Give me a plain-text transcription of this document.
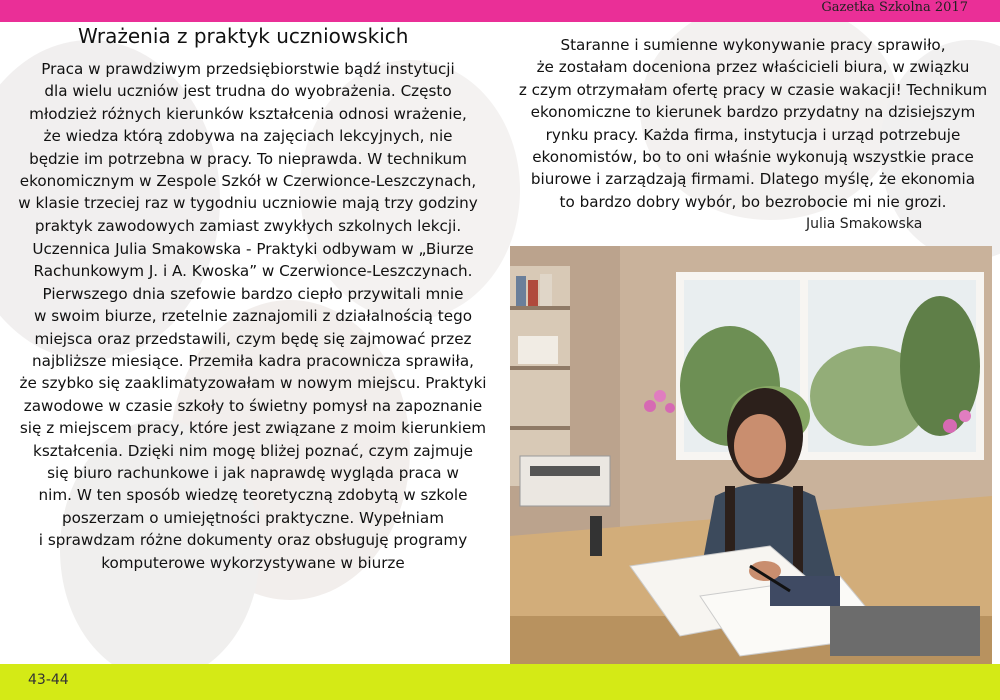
Gazetka Szkolna 2017
Wrażenia z praktyk uczniowskich

Praca w prawdziwym przedsiębiorstwie bądź instytucji
dla wielu uczniów jest trudna do wyobrażenia. Często
młodzież różnych kierunków kształcenia odnosi wrażenie,
że wiedza którą zdobywa na zajęciach lekcyjnych, nie
będzie im potrzebna w pracy. To nieprawda. W technikum
ekonomicznym w Zespole Szkół w Czerwionce-Leszczynach,
w klasie trzeciej raz w tygodniu uczniowie mają trzy godziny
praktyk zawodowych zamiast zwykłych szkolnych lekcji.

Uczennica Julia Smakowska - Praktyki odbywam w „Biurze
Rachunkowym J. i A. Kwoska” w Czerwionce-Leszczynach.
Pierwszego dnia szefowie bardzo ciepło przywitali mnie
w swoim biurze, rzetelnie zaznajomili z działalnością tego
miejsca oraz przedstawili, czym będę się zajmować przez
najbliższe miesiące. Przemiła kadra pracownicza sprawiła,
że szybko się zaaklimatyzowałam w nowym miejscu. Praktyki
zawodowe w czasie szkoły to świetny pomysł na zapoznanie
się z miejscem pracy, które jest związane z moim kierunkiem
kształcenia. Dzięki nim mogę bliżej poznać, czym zajmuje
się biuro rachunkowe i jak naprawdę wygląda praca w
nim. W ten sposób wiedzę teoretyczną zdobytą w szkole
poszerzam o umiejętności praktyczne. Wypełniam
i sprawdzam różne dokumenty oraz obsługuję programy
komputerowe wykorzystywane w biurze

Staranne i sumienne wykonywanie pracy sprawiło,
że zostałam doceniona przez właścicieli biura, w związku
z czym otrzymałam ofertę pracy w czasie wakacji! Technikum
ekonomiczne to kierunek bardzo przydatny na dzisiejszym
rynku pracy. Każda firma, instytucja i urząd potrzebuje
ekonomistów, bo to oni właśnie wykonują wszystkie prace
biurowe i zarządzają firmami. Dlatego myślę, że ekonomia
to bardzo dobry wybór, bo bezrobocie mi nie grozi.

Julia Smakowska
43-44
